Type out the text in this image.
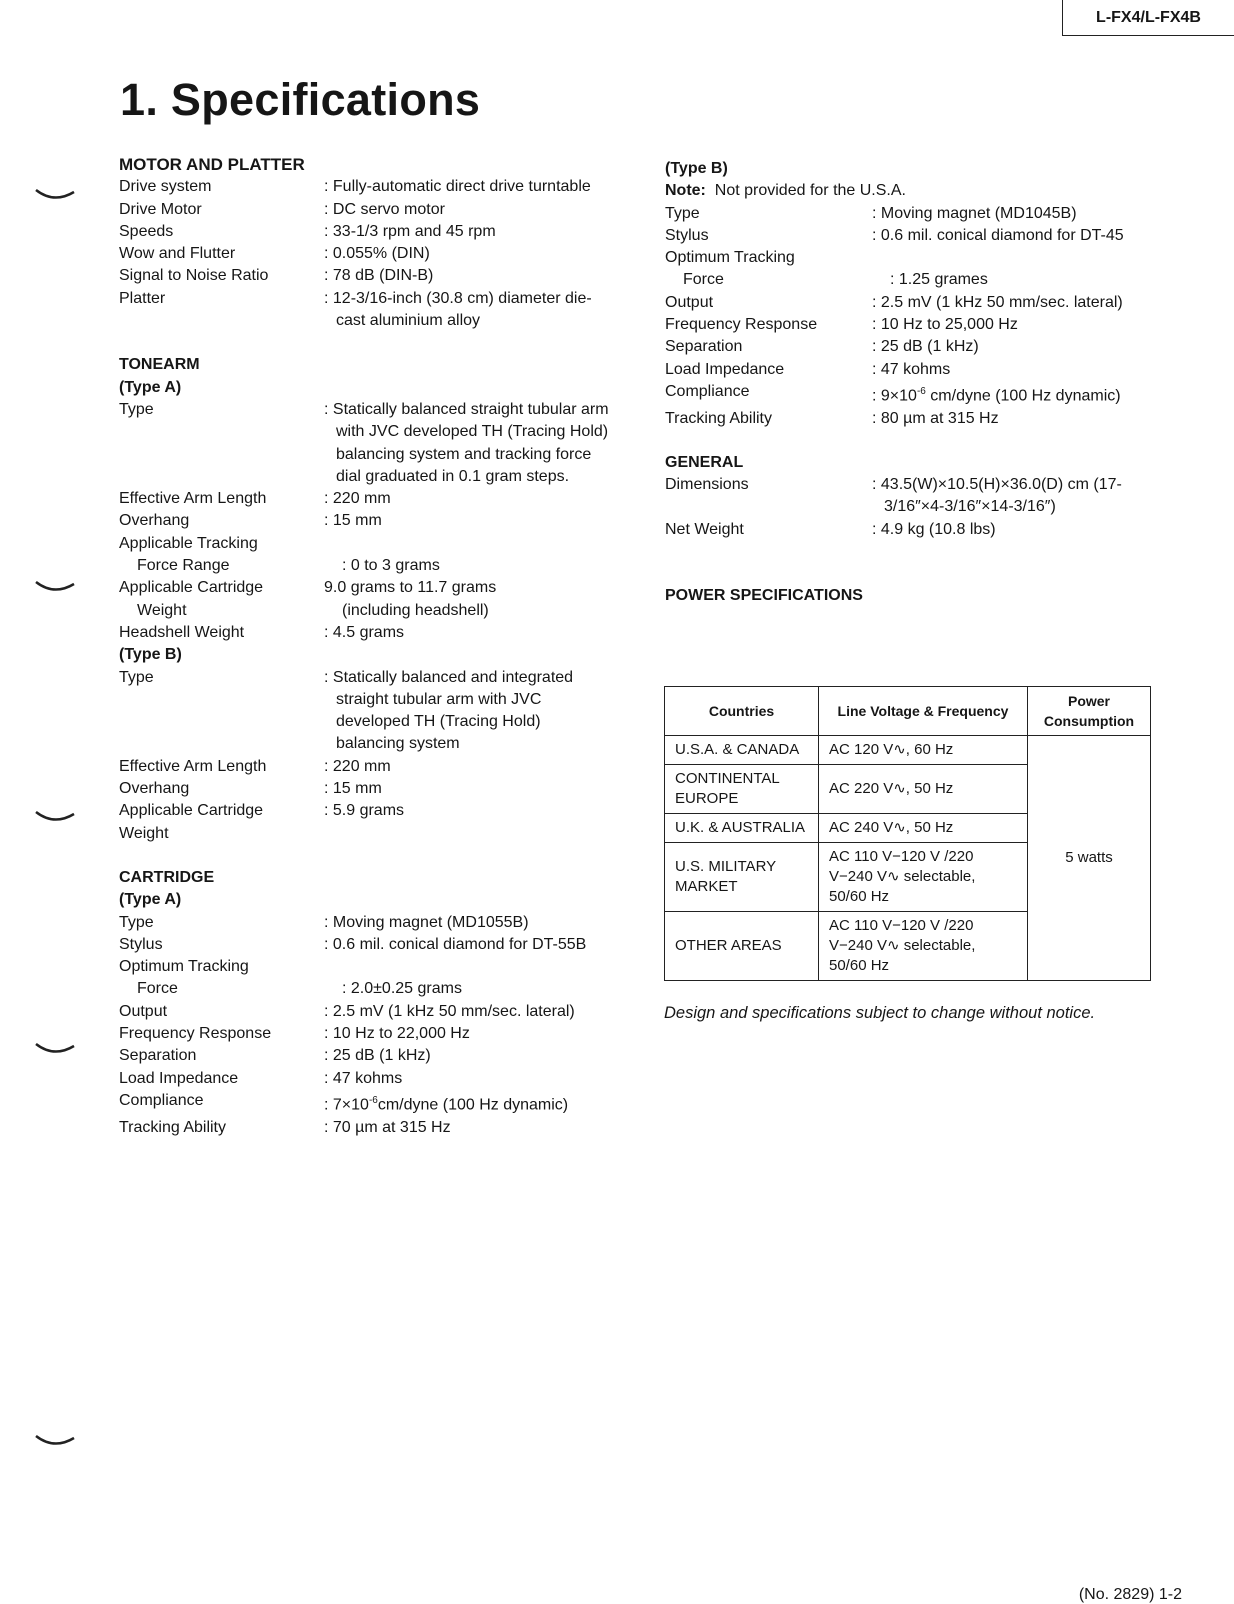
L-FX4/L-FX4B
1. Specifications
MOTOR AND PLATTER
Drive system	: Fully-automatic direct drive turntable
Drive Motor	: DC servo motor
Speeds	: 33-1/3 rpm and 45 rpm
Wow and Flutter	: 0.055% (DIN)
Signal to Noise Ratio	: 78 dB (DIN-B)
Platter	: 12-3/16-inch (30.8 cm) diameter die-cast aluminium alloy
TONEARM
(Type A)
Type	: Statically balanced straight tubular arm with JVC developed TH (Tracing Hold) balancing system and tracking force dial graduated in 0.1 gram steps.
Effective Arm Length	: 220 mm
Overhang	: 15 mm
Applicable Tracking
Force Range	: 0 to 3 grams
Applicable Cartridge	9.0 grams to 11.7 grams
Weight	(including headshell)
Headshell Weight	: 4.5 grams
(Type B)
Type	: Statically balanced and integrated straight tubular arm with JVC developed TH (Tracing Hold) balancing system
Effective Arm Length	: 220 mm
Overhang	: 15 mm
Applicable Cartridge	: 5.9 grams
Weight
CARTRIDGE
(Type A)
Type	: Moving magnet (MD1055B)
Stylus	: 0.6 mil. conical diamond for DT-55B
Optimum Tracking
Force	: 2.0±0.25 grams
Output	: 2.5 mV (1 kHz 50 mm/sec. lateral)
Frequency Response	: 10 Hz to 22,000 Hz
Separation	: 25 dB (1 kHz)
Load Impedance	: 47 kohms
Compliance	: $7\times 10^{-6}cm$/dyne (100 Hz dynamic)
Tracking Ability	: 70 µm at 315 Hz
(Type B)
Note: Not provided for the U.S.A.
Type	: Moving magnet (MD1045B)
Stylus	: 0.6 mil. conical diamond for DT-45
Optimum Tracking
Force	: 1.25 grames
Output	: 2.5 mV (1 kHz 50 mm/sec. lateral)
Frequency Response	: 10 Hz to 25,000 Hz
Separation	: 25 dB (1 kHz)
Load Impedance	: 47 kohms
Compliance	: $9\times 10^{-6}$ cm/dyne (100 Hz dynamic)
Tracking Ability	: 80 µm at 315 Hz
GENERAL
Dimensions	: 43.5(W)×10.5(H)×36.0(D) cm (17-3/16″×4-3/16″×14-3/16″)
Net Weight	: 4.9 kg (10.8 lbs)
POWER SPECIFICATIONS
Countries	Line Voltage & Frequency	Power Consumption
U.S.A. & CANADA	AC 120 V∿, 60 Hz	5 watts
CONTINENTAL EUROPE	AC 220 V∿, 50 Hz	
U.K. & AUSTRALIA	AC 240 V∿, 50 Hz	
U.S. MILITARY MARKET	AC 110 V−120 V /220 V−240 V∿ selectable, 50/60 Hz	
OTHER AREAS	AC 110 V−120 V /220 V−240 V∿ selectable, 50/60 Hz	

Design and specifications subject to change without notice.

(No. 2829) 1-2
